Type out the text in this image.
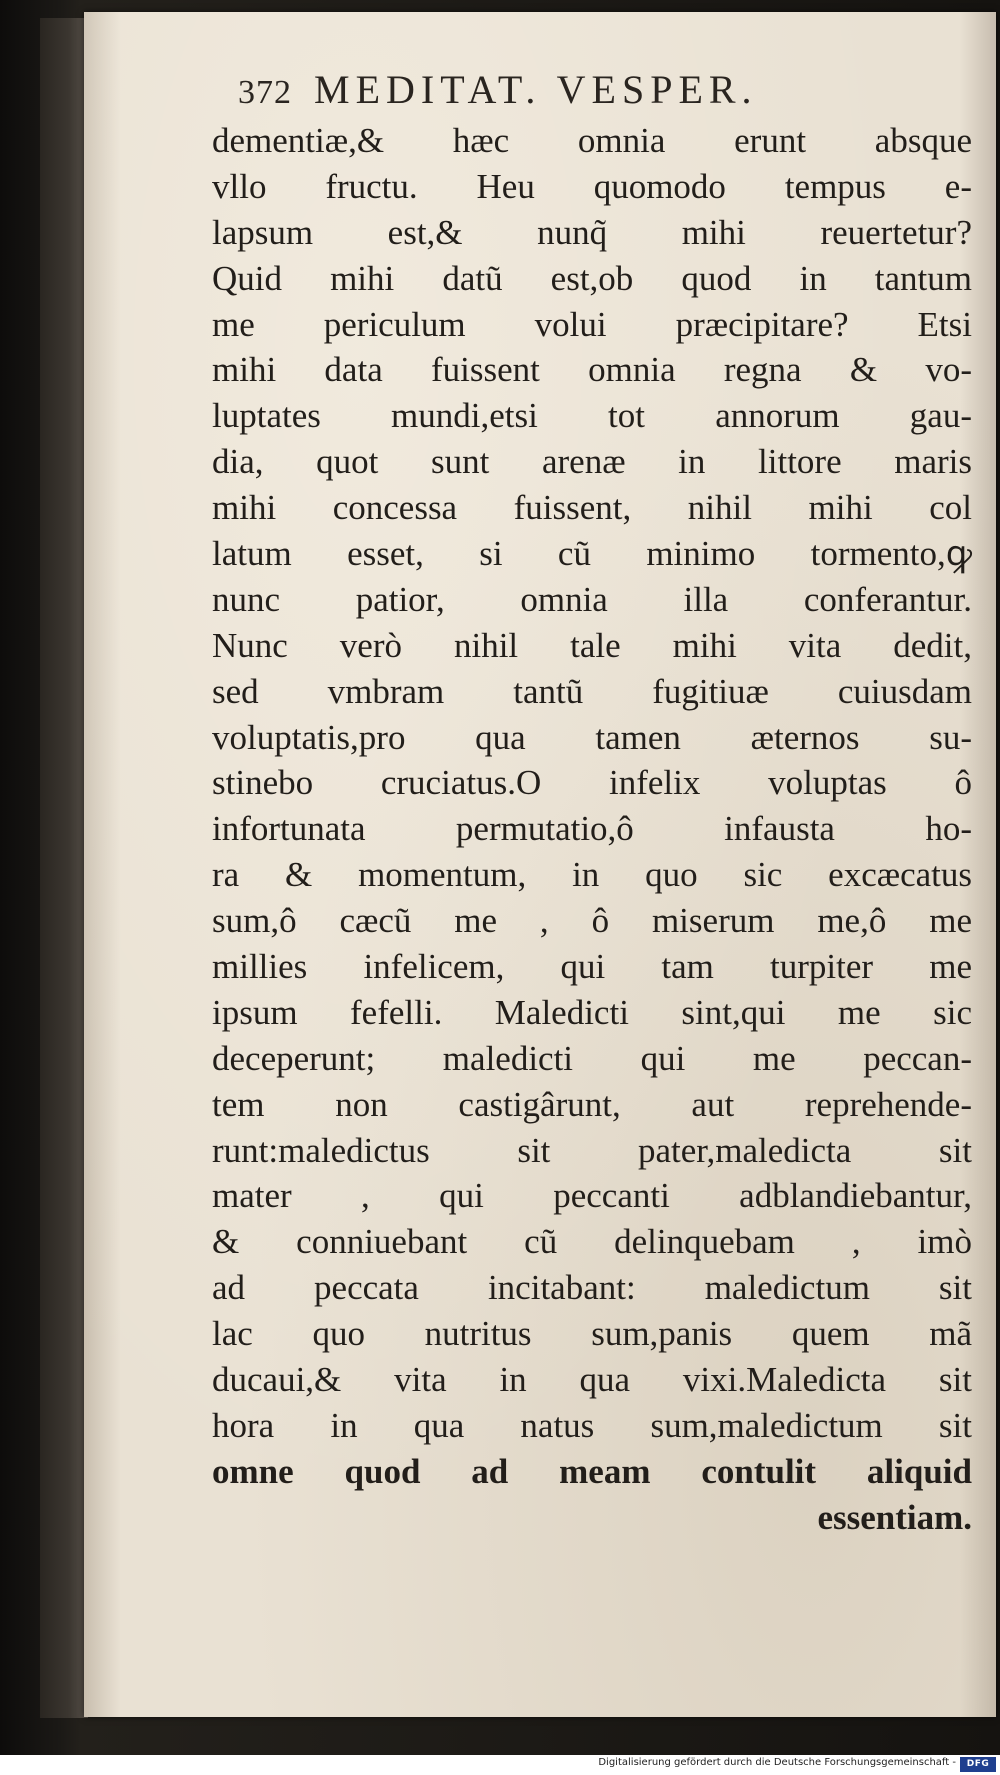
372 MEDITAT. VESPER.
dementiæ,& hæc omnia erunt absque
vllo fructu. Heu quomodo tempus e-
lapsum est,& nunq̃ mihi reuertetur?
Quid mihi datũ est,ob quod in tantum
me periculum volui præcipitare? Etsi
mihi data fuissent omnia regna & vo-
luptates mundi,etsi tot annorum gau-
dia, quot sunt arenæ in littore maris
mihi concessa fuissent, nihil mihi col
latum esset, si cũ minimo tormento,ꝙ
nunc patior, omnia illa conferantur.
Nunc verò nihil tale mihi vita dedit,
sed vmbram tantũ fugitiuæ cuiusdam
voluptatis,pro qua tamen æternos su-
stinebo cruciatus.O infelix voluptas ô
infortunata permutatio,ô infausta ho-
ra & momentum, in quo sic excæcatus
sum,ô cæcũ me , ô miserum me,ô me
millies infelicem, qui tam turpiter me
ipsum fefelli. Maledicti sint,qui me sic
deceperunt; maledicti qui me peccan-
tem non castigârunt, aut reprehende-
runt:maledictus sit pater,maledicta sit
mater , qui peccanti adblandiebantur,
& conniuebant cũ delinquebam , imò
ad peccata incitabant: maledictum sit
lac quo nutritus sum,panis quem mã
ducaui,& vita in qua vixi.Maledicta sit
hora in qua natus sum,maledictum sit
omne quod ad meam contulit aliquid
essentiam.
Digitalisierung gefördert durch die Deutsche Forschungsgemeinschaft -	DFG
